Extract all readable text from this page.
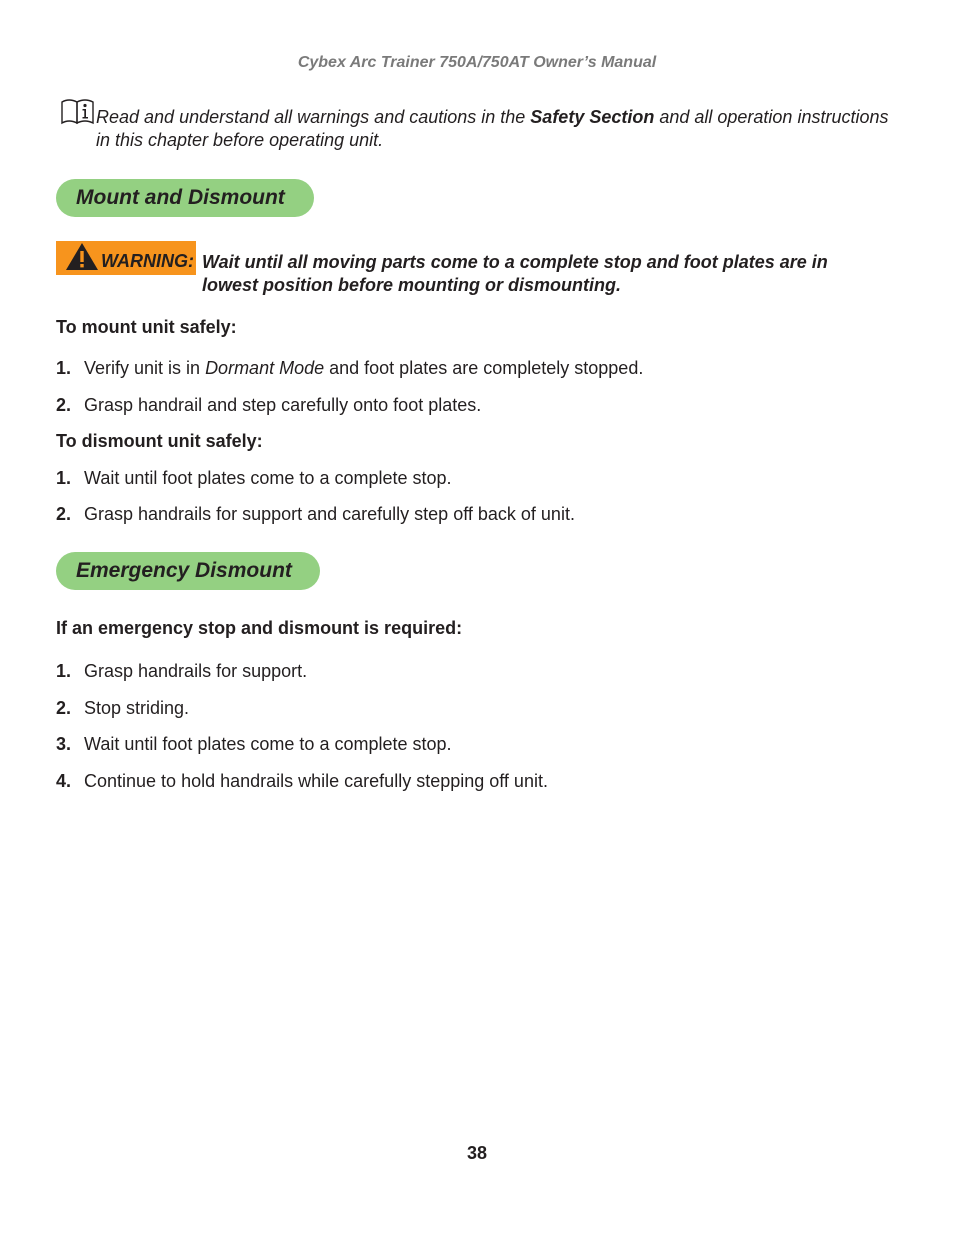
Cybex Arc Trainer 750A/750AT Owner’s Manual
Read and understand all warnings and cautions in the Safety Section and all operation instructions in this chapter before operating unit.
Mount and Dismount
WARNING: Wait until all moving parts come to a complete stop and foot plates are in lowest position before mounting or dismounting.
To mount unit safely:
1. Verify unit is in Dormant Mode and foot plates are completely stopped.
2. Grasp handrail and step carefully onto foot plates.
To dismount unit safely:
1. Wait until foot plates come to a complete stop.
2. Grasp handrails for support and carefully step off back of unit.
Emergency Dismount
If an emergency stop and dismount is required:
1. Grasp handrails for support.
2. Stop striding.
3. Wait until foot plates come to a complete stop.
4. Continue to hold handrails while carefully stepping off unit.
38
